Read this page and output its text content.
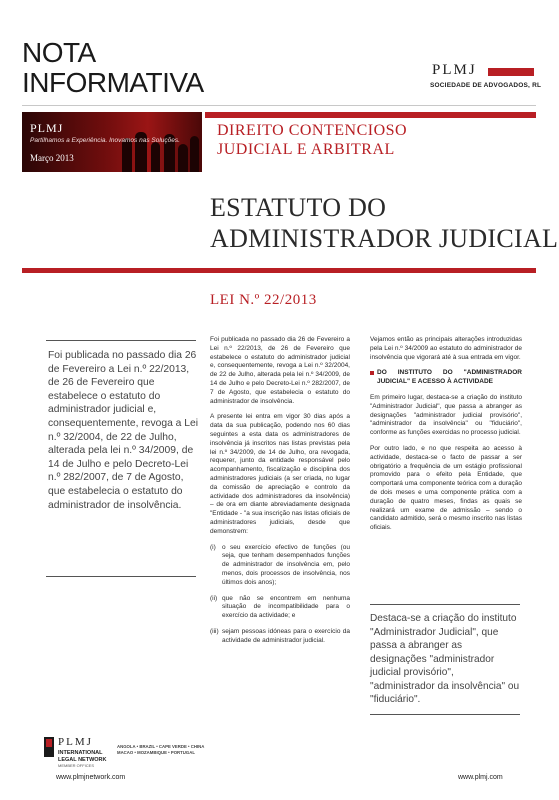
NOTA
INFORMATIVA	PLMJ
SOCIEDADE DE ADVOGADOS, RL
PLMJ
Partilhamos a Experiência. Inovamos nas Soluções.
Março 2013
DIREITO CONTENCIOSO
JUDICIAL E ARBITRAL
ESTATUTO DO
ADMINISTRADOR JUDICIAL
LEI N.º 22/2013
Foi publicada no passado dia 26 de Fevereiro a Lei n.º 22/2013, de 26 de Fevereiro que estabelece o estatuto do administrador judicial e, consequentemente, revoga a Lei n.º 32/2004, de 22 de Julho, alterada pela lei n.º 34/2009, de 14 de Julho e pelo Decreto-Lei n.º 282/2007, de 7 de Agosto, que estabelecia o estatuto do administrador de insolvência.

Foi publicada no passado dia 26 de Fevereiro a Lei n.º 22/2013, de 26 de Fevereiro que estabelece o estatuto do administrador judicial e, consequentemente, revoga a Lei n.º 32/2004, de 22 de Julho, alterada pela lei n.º 34/2009, de 14 de Julho e pelo Decreto-Lei n.º 282/2007, de 7 de Agosto, que estabelecia o estatuto do administrador de insolvência.

A presente lei entra em vigor 30 dias após a data da sua publicação, podendo nos 60 dias seguintes a esta data os administradores de insolvência já inscritos nas listas previstas pela lei n.º 34/2009, de 14 de Julho, ora revogada, requerer, junto da entidade responsável pelo acompanhamento, fiscalização e disciplina dos administradores judiciais (a ser criada, no lugar da comissão de apreciação e controlo da actividade dos administradores da insolvência) – de ora em diante abreviadamente designada "Entidade - "a sua inscrição nas listas oficiais de administradores judiciais, desde que demonstrem:

(i) o seu exercício efectivo de funções (ou seja, que tenham desempenhados funções de administrador de insolvência em, pelo menos, dois processos de insolvência, nos últimos dois anos);
(ii) que não se encontrem em nenhuma situação de incompatibilidade para o exercício da actividade; e
(iii) sejam pessoas idóneas para o exercício da actividade de administrador judicial.

Vejamos então as principais alterações introduzidas pela Lei n.º 34/2009 ao estatuto do administrador de insolvência que vigorará até à sua entrada em vigor.

DO INSTITUTO DO "ADMINISTRADOR JUDICIAL" E ACESSO À ACTIVIDADE

Em primeiro lugar, destaca-se a criação do instituto "Administrador Judicial", que passa a abranger as designações "administrador judicial provisório", "administrador da insolvência" ou "fiduciário", conforme as funções exercidas no processo judicial.

Por outro lado, e no que respeita ao acesso à actividade, destaca-se o facto de passar a ser obrigatório a frequência de um estágio profissional promovido para o efeito pela Entidade, que comportará uma componente teórica com a duração de dois meses e uma componente prática com a duração de quatro meses, findas as quais se realizará um exame de admissão – sendo o candidato admitido, será o mesmo inscrito nas listas oficiais.

Destaca-se a criação do instituto "Administrador Judicial", que passa a abranger as designações "administrador judicial provisório", "administrador da insolvência" ou "fiduciário".
PLMJ
INTERNATIONAL
LEGAL NETWORK
MEMBER OFFICES
ANGOLA • BRAZIL • CAPE VERDE • CHINA
MACAO • MOZAMBIQUE • PORTUGAL
www.plmjnetwork.com	www.plmj.com
